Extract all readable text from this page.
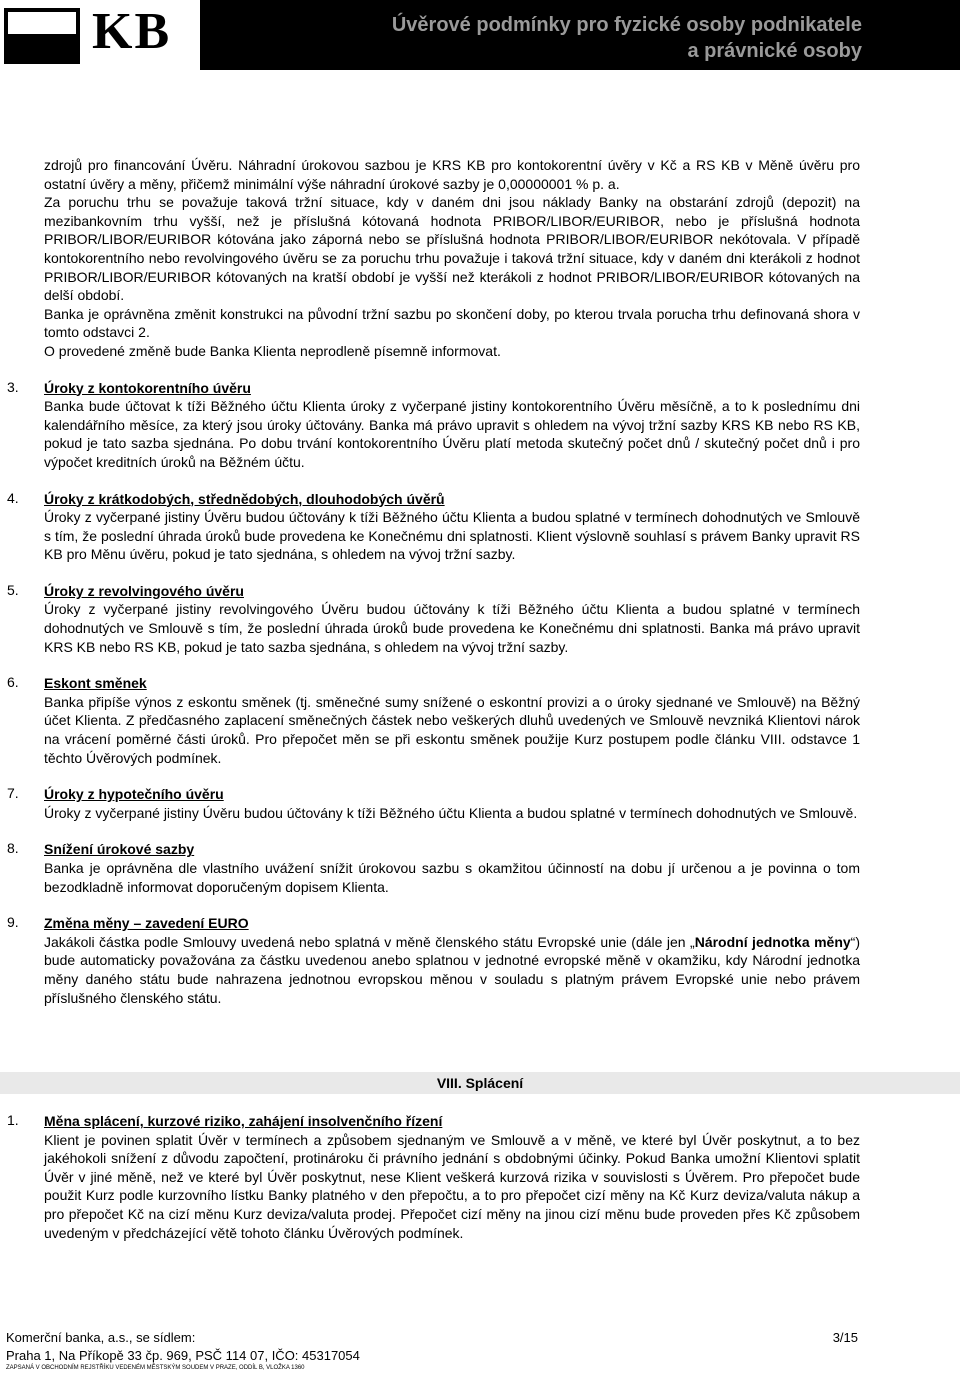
KB	Úvěrové podmínky pro fyzické osoby podnikatele
a právnické osoby

zdrojů pro financování Úvěru. Náhradní úrokovou sazbou je KRS KB pro kontokorentní úvěry v Kč a RS KB v Měně úvěru pro ostatní úvěry a měny, přičemž minimální výše náhradní úrokové sazby je 0,00000001 % p. a.

Za poruchu trhu se považuje taková tržní situace, kdy v daném dni jsou náklady Banky na obstarání zdrojů (depozit) na mezibankovním trhu vyšší, než je příslušná kótovaná hodnota PRIBOR/LIBOR/EURIBOR, nebo je příslušná hodnota PRIBOR/LIBOR/EURIBOR kótována jako záporná nebo se příslušná hodnota PRIBOR/LIBOR/EURIBOR nekótovala. V případě kontokorentního nebo revolvingového úvěru se za poruchu trhu považuje i taková tržní situace, kdy v daném dni kterákoli z hodnot PRIBOR/LIBOR/EURIBOR kótovaných na kratší období je vyšší než kterákoli z hodnot PRIBOR/LIBOR/EURIBOR kótovaných na delší období.

Banka je oprávněna změnit konstrukci na původní tržní sazbu po skončení doby, po kterou trvala porucha trhu definovaná shora v tomto odstavci 2.

O provedené změně bude Banka Klienta neprodleně písemně informovat.

3. Úroky z kontokorentního úvěru

Banka bude účtovat k tíži Běžného účtu Klienta úroky z vyčerpané jistiny kontokorentního Úvěru měsíčně, a to k poslednímu dni kalendářního měsíce, za který jsou úroky účtovány. Banka má právo upravit s ohledem na vývoj tržní sazby KRS KB nebo RS KB, pokud je tato sazba sjednána. Po dobu trvání kontokorentního Úvěru platí metoda skutečný počet dnů / skutečný počet dnů i pro výpočet kreditních úroků na Běžném účtu.

4. Úroky z krátkodobých, střednědobých, dlouhodobých úvěrů

Úroky z vyčerpané jistiny Úvěru budou účtovány k tíži Běžného účtu Klienta a budou splatné v termínech dohodnutých ve Smlouvě s tím, že poslední úhrada úroků bude provedena ke Konečnému dni splatnosti. Klient výslovně souhlasí s právem Banky upravit RS KB pro Měnu úvěru, pokud je tato sjednána, s ohledem na vývoj tržní sazby.

5. Úroky z revolvingového úvěru

Úroky z vyčerpané jistiny revolvingového Úvěru budou účtovány k tíži Běžného účtu Klienta a budou splatné v termínech dohodnutých ve Smlouvě s tím, že poslední úhrada úroků bude provedena ke Konečnému dni splatnosti. Banka má právo upravit KRS KB nebo RS KB, pokud je tato sazba sjednána, s ohledem na vývoj tržní sazby.

6. Eskont směnek

Banka připíše výnos z eskontu směnek (tj. směnečné sumy snížené o eskontní provizi a o úroky sjednané ve Smlouvě) na Běžný účet Klienta. Z předčasného zaplacení směnečných částek nebo veškerých dluhů uvedených ve Smlouvě nevzniká Klientovi nárok na vrácení poměrné části úroků. Pro přepočet měn se při eskontu směnek použije Kurz postupem podle článku VIII. odstavce 1 těchto Úvěrových podmínek.

7. Úroky z hypotečního úvěru

Úroky z vyčerpané jistiny Úvěru budou účtovány k tíži Běžného účtu Klienta a budou splatné v termínech dohodnutých ve Smlouvě.

8. Snížení úrokové sazby

Banka je oprávněna dle vlastního uvážení snížit úrokovou sazbu s okamžitou účinností na dobu jí určenou a je povinna o tom bezodkladně informovat doporučeným dopisem Klienta.

9. Změna měny – zavedení EURO

Jakákoli částka podle Smlouvy uvedená nebo splatná v měně členského státu Evropské unie (dále jen „Národní jednotka měny“) bude automaticky považována za částku uvedenou anebo splatnou v jednotné evropské měně v okamžiku, kdy Národní jednotka měny daného státu bude nahrazena jednotnou evropskou měnou v souladu s platným právem Evropské unie nebo právem příslušného členského státu.

VIII. Splácení
1. Měna splácení, kurzové riziko, zahájení insolvenčního řízení

Klient je povinen splatit Úvěr v termínech a způsobem sjednaným ve Smlouvě a v měně, ve které byl Úvěr poskytnut, a to bez jakéhokoli snížení z důvodu započtení, protinároku či právního jednání s obdobnými účinky. Pokud Banka umožní Klientovi splatit Úvěr v jiné měně, než ve které byl Úvěr poskytnut, nese Klient veškerá kurzová rizika v souvislosti s Úvěrem. Pro přepočet bude použit Kurz podle kurzovního lístku Banky platného v den přepočtu, a to pro přepočet cizí měny na Kč Kurz deviza/valuta nákup a pro přepočet Kč na cizí měnu Kurz deviza/valuta prodej. Přepočet cizí měny na jinou cizí měnu bude proveden přes Kč způsobem uvedeným v předcházející větě tohoto článku Úvěrových podmínek.

Komerční banka, a.s., se sídlem:	3/15
Praha 1, Na Příkopě 33 čp. 969, PSČ 114 07, IČO: 45317054
ZAPSANÁ V OBCHODNÍM REJSTŘÍKU VEDENÉM MĚSTSKÝM SOUDEM V PRAZE, ODDÍL B, VLOŽKA 1360
